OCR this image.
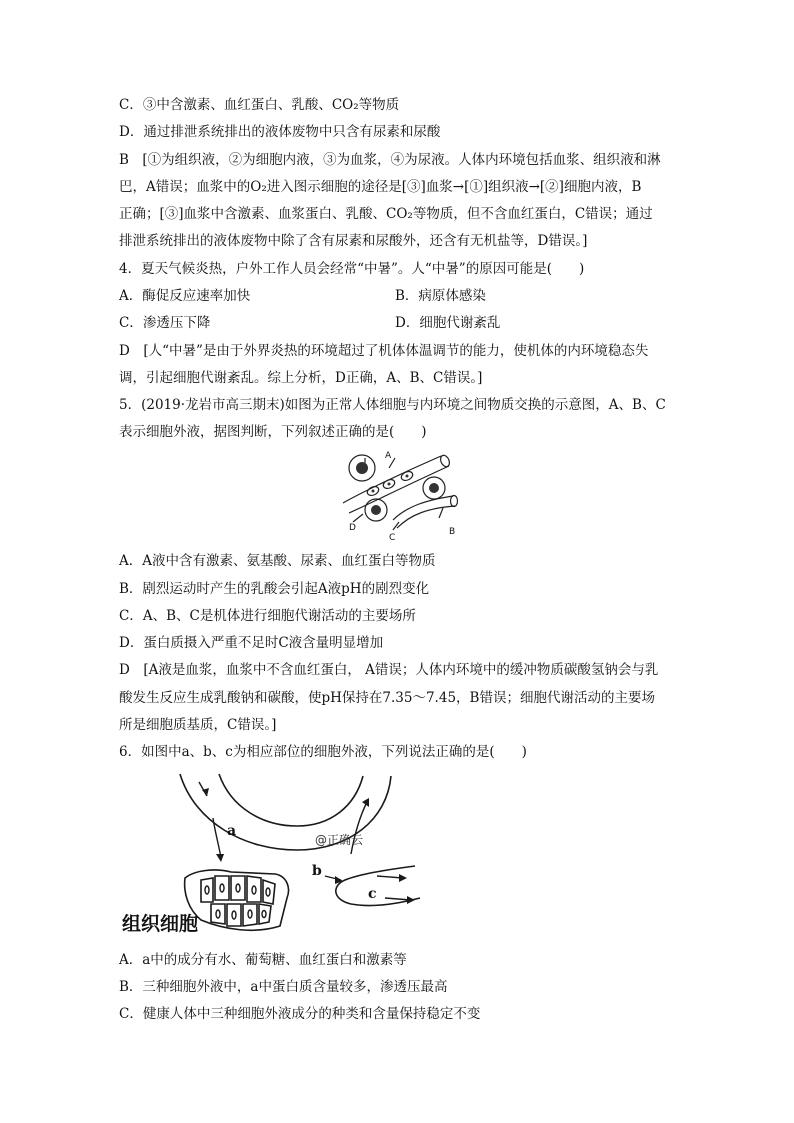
C．③中含激素、血红蛋白、乳酸、CO₂等物质
D．通过排泄系统排出的液体废物中只含有尿素和尿酸
B　[①为组织液，②为细胞内液，③为血浆，④为尿液。人体内环境包括血浆、组织液和淋
巴，A错误；血浆中的O₂进入图示细胞的途径是[③]血浆→[①]组织液→[②]细胞内液，B
正确；[③]血浆中含激素、血浆蛋白、乳酸、CO₂等物质，但不含血红蛋白，C错误；通过
排泄系统排出的液体废物中除了含有尿素和尿酸外，还含有无机盐等，D错误。]
4．夏天气候炎热，户外工作人员会经常“中暑”。人“中暑”的原因可能是(　　)
A．酶促反应速率加快	B．病原体感染
C．渗透压下降	D．细胞代谢紊乱
D　[人“中暑”是由于外界炎热的环境超过了机体体温调节的能力，使机体的内环境稳态失
调，引起细胞代谢紊乱。综上分析，D正确，A、B、C错误。]
5．(2019·龙岩市高三期末)如图为正常人体细胞与内环境之间物质交换的示意图，A、B、C
表示细胞外液，据图判断，下列叙述正确的是(　　)
A
B
C
D
A．A液中含有激素、氨基酸、尿素、血红蛋白等物质
B．剧烈运动时产生的乳酸会引起A液pH的剧烈变化
C．A、B、C是机体进行细胞代谢活动的主要场所
D．蛋白质摄入严重不足时C液含量明显增加
D　[A液是血浆，血浆中不含血红蛋白， A错误；人体内环境中的缓冲物质碳酸氢钠会与乳
酸发生反应生成乳酸钠和碳酸，使pH保持在7.35～7.45，B错误；细胞代谢活动的主要场
所是细胞质基质，C错误。]
6．如图中a、b、c为相应部位的细胞外液，下列说法正确的是(　　)
a
b
c
@正确云
组织细胞
A．a中的成分有水、葡萄糖、血红蛋白和激素等
B．三种细胞外液中，a中蛋白质含量较多，渗透压最高
C．健康人体中三种细胞外液成分的种类和含量保持稳定不变
